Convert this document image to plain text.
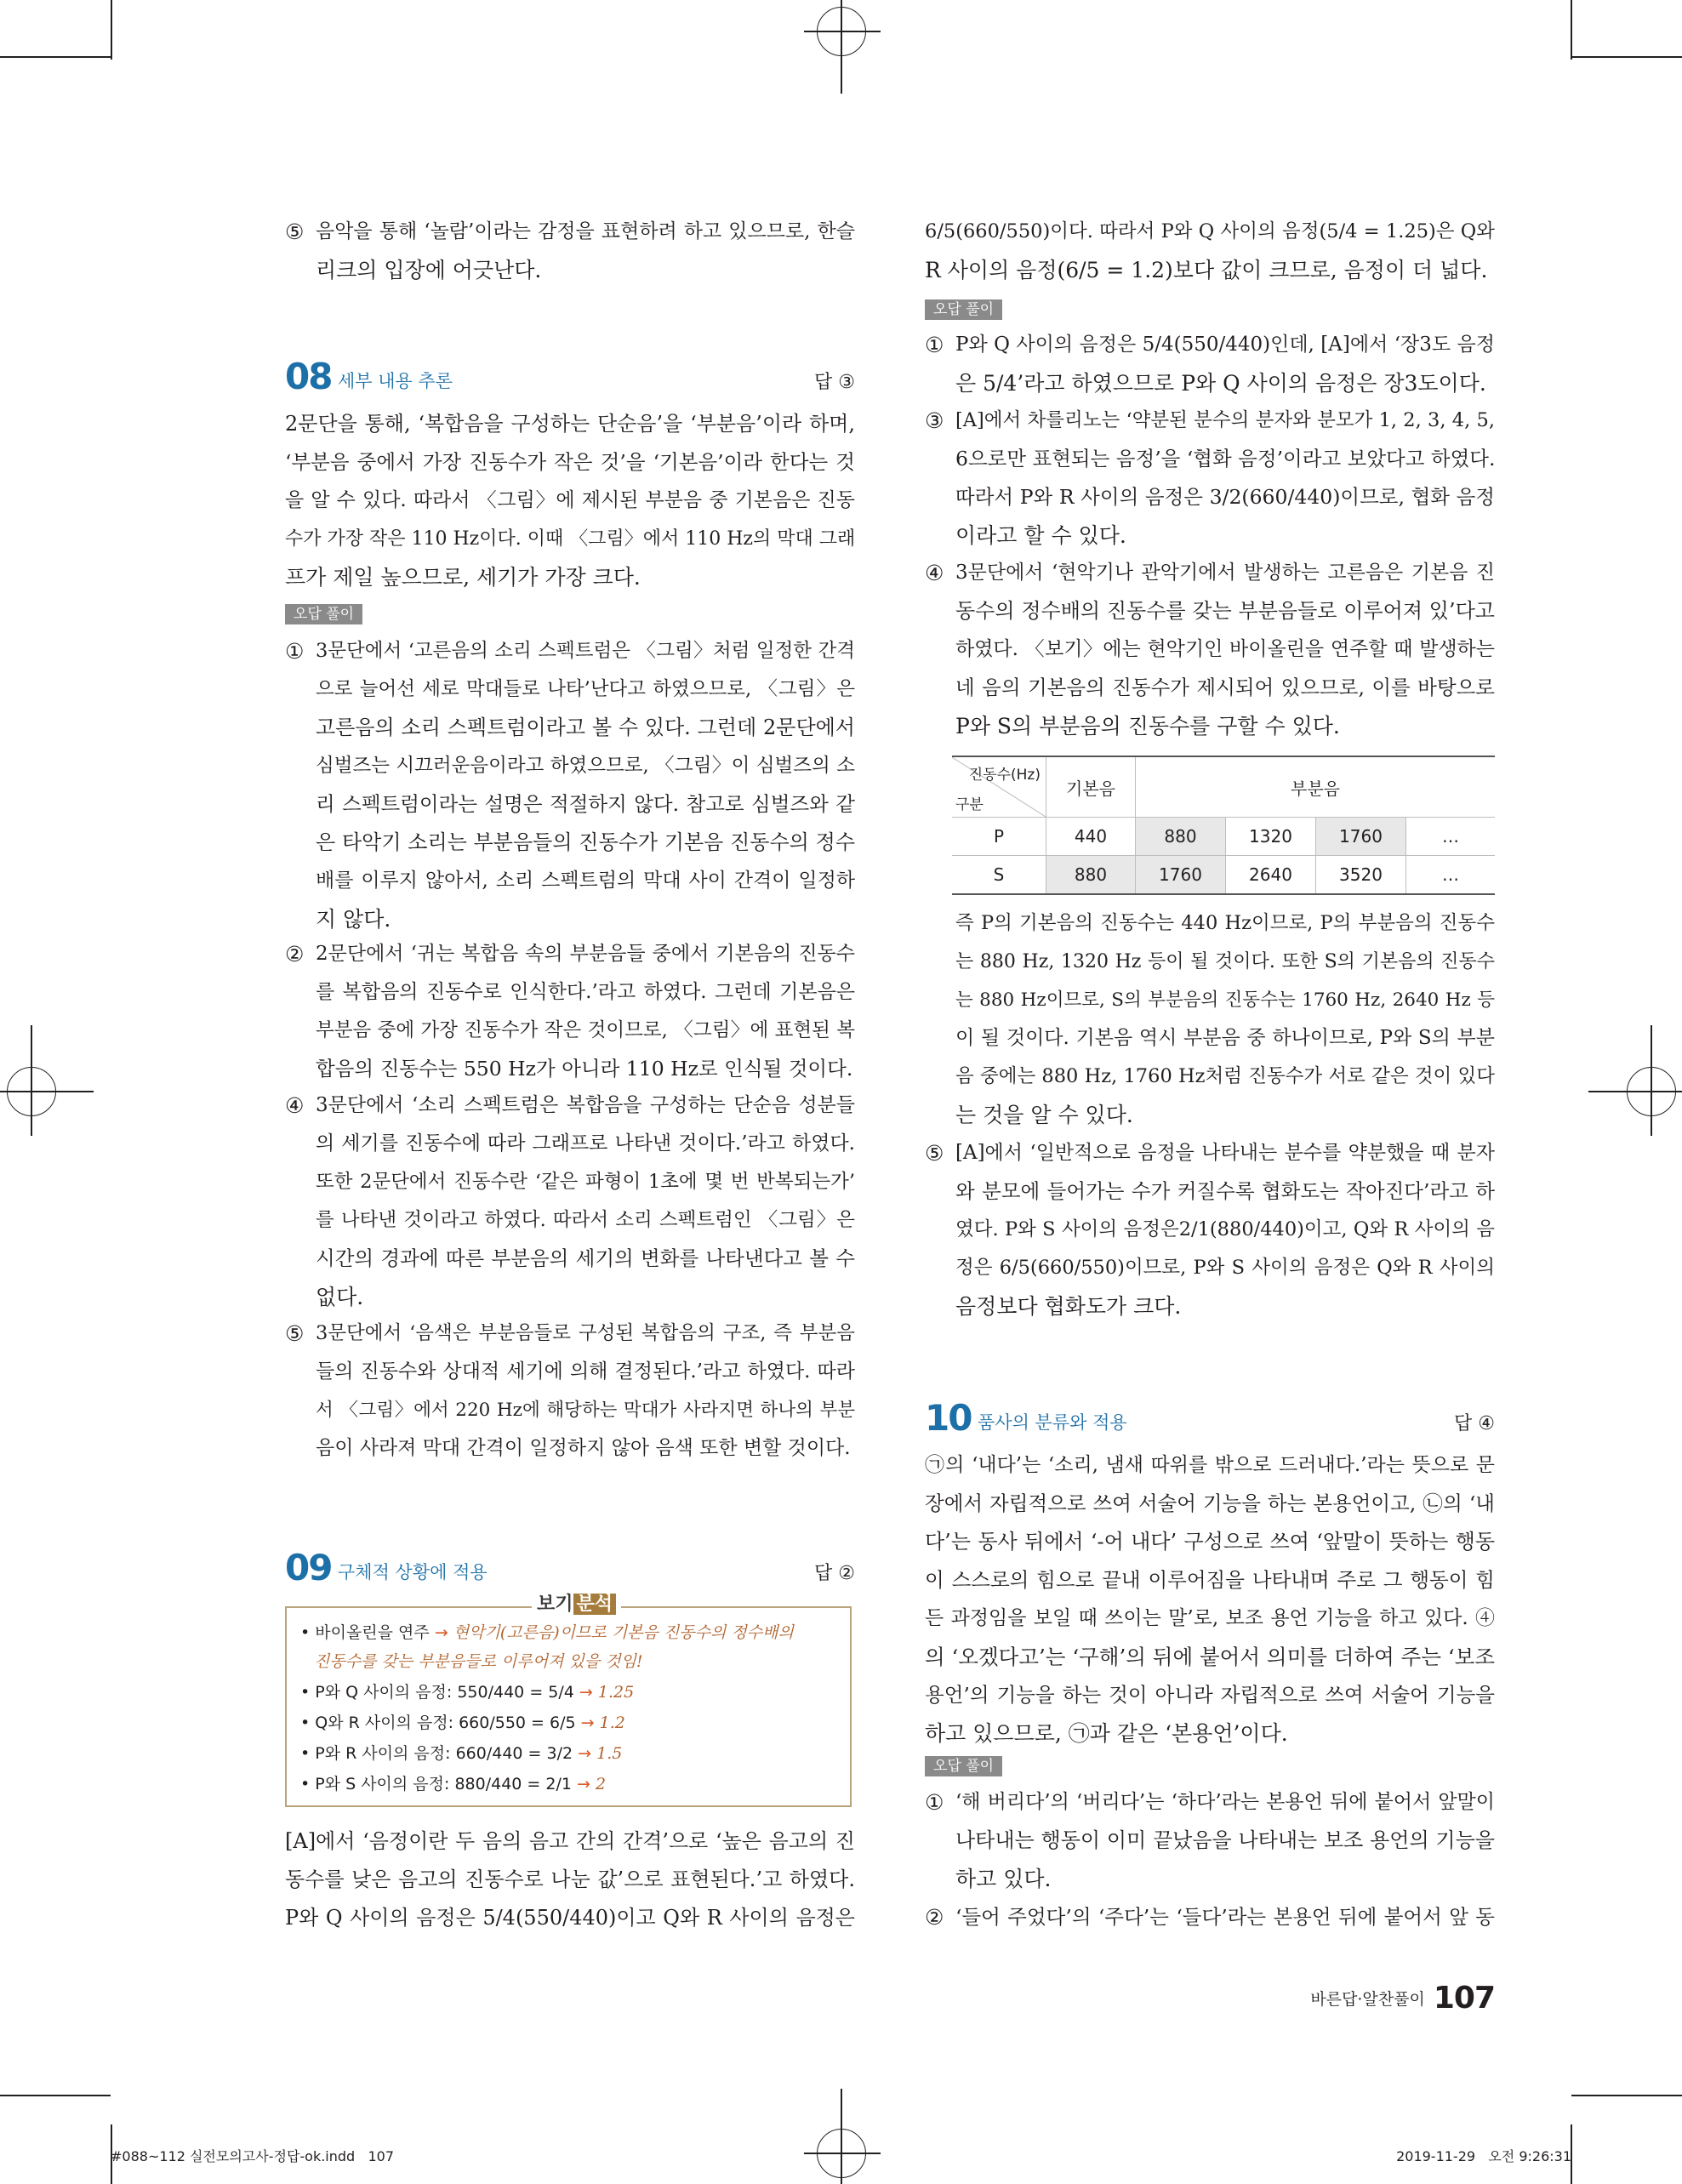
⑤ 음악을 통해 ‘놀람’이라는 감정을 표현하려 하고 있으므로, 한슬
리크의 입장에 어긋난다.
08 세부 내용 추론	답 ③
2문단을 통해, ‘복합음을 구성하는 단순음’을 ‘부분음’이라 하며,
‘부분음 중에서 가장 진동수가 작은 것’을 ‘기본음’이라 한다는 것
을 알 수 있다. 따라서 〈그림〉에 제시된 부분음 중 기본음은 진동
수가 가장 작은 110 Hz이다. 이때 〈그림〉에서 110 Hz의 막대 그래
프가 제일 높으므로, 세기가 가장 크다.
오답 풀이
① 3문단에서 ‘고른음의 소리 스펙트럼은 〈그림〉처럼 일정한 간격
으로 늘어선 세로 막대들로 나타’난다고 하였으므로, 〈그림〉은
고른음의 소리 스펙트럼이라고 볼 수 있다. 그런데 2문단에서
심벌즈는 시끄러운음이라고 하였으므로, 〈그림〉이 심벌즈의 소
리 스펙트럼이라는 설명은 적절하지 않다. 참고로 심벌즈와 같
은 타악기 소리는 부분음들의 진동수가 기본음 진동수의 정수
배를 이루지 않아서, 소리 스펙트럼의 막대 사이 간격이 일정하
지 않다.
② 2문단에서 ‘귀는 복합음 속의 부분음들 중에서 기본음의 진동수
를 복합음의 진동수로 인식한다.’라고 하였다. 그런데 기본음은
부분음 중에 가장 진동수가 작은 것이므로, 〈그림〉에 표현된 복
합음의 진동수는 550 Hz가 아니라 110 Hz로 인식될 것이다.
④ 3문단에서 ‘소리 스펙트럼은 복합음을 구성하는 단순음 성분들
의 세기를 진동수에 따라 그래프로 나타낸 것이다.’라고 하였다.
또한 2문단에서 진동수란 ‘같은 파형이 1초에 몇 번 반복되는가’
를 나타낸 것이라고 하였다. 따라서 소리 스펙트럼인 〈그림〉은
시간의 경과에 따른 부분음의 세기의 변화를 나타낸다고 볼 수
없다.
⑤ 3문단에서 ‘음색은 부분음들로 구성된 복합음의 구조, 즉 부분음
들의 진동수와 상대적 세기에 의해 결정된다.’라고 하였다. 따라
서 〈그림〉에서 220 Hz에 해당하는 막대가 사라지면 하나의 부분
음이 사라져 막대 간격이 일정하지 않아 음색 또한 변할 것이다.
09 구체적 상황에 적용	답 ②
보기 분석
• 바이올린을 연주 → 현악기(고른음)이므로 기본음 진동수의 정수배의
진동수를 갖는 부분음들로 이루어져 있을 것임!
• P와 Q 사이의 음정: 550/440 = 5/4 → 1.25
• Q와 R 사이의 음정: 660/550 = 6/5 → 1.2
• P와 R 사이의 음정: 660/440 = 3/2 → 1.5
• P와 S 사이의 음정: 880/440 = 2/1 → 2
[A]에서 ‘음정이란 두 음의 음고 간의 간격’으로 ‘높은 음고의 진
동수를 낮은 음고의 진동수로 나눈 값’으로 표현된다.’고 하였다.
P와 Q 사이의 음정은 5/4(550/440)이고 Q와 R 사이의 음정은
6/5(660/550)이다. 따라서 P와 Q 사이의 음정(5/4 = 1.25)은 Q와
R 사이의 음정(6/5 = 1.2)보다 값이 크므로, 음정이 더 넓다.
오답 풀이
① P와 Q 사이의 음정은 5/4(550/440)인데, [A]에서 ‘장3도 음정
은 5/4’라고 하였으므로 P와 Q 사이의 음정은 장3도이다.
③ [A]에서 차를리노는 ‘약분된 분수의 분자와 분모가 1, 2, 3, 4, 5,
6으로만 표현되는 음정’을 ‘협화 음정’이라고 보았다고 하였다.
따라서 P와 R 사이의 음정은 3/2(660/440)이므로, 협화 음정
이라고 할 수 있다.
④ 3문단에서 ‘현악기나 관악기에서 발생하는 고른음은 기본음 진
동수의 정수배의 진동수를 갖는 부분음들로 이루어져 있’다고
하였다. 〈보기〉에는 현악기인 바이올린을 연주할 때 발생하는
네 음의 기본음의 진동수가 제시되어 있으므로, 이를 바탕으로
P와 S의 부분음의 진동수를 구할 수 있다.
진동수(Hz)
구분	기본음	부분음			
P	440	880	1320	1760	…
S	880	1760	2640	3520	…
즉 P의 기본음의 진동수는 440 Hz이므로, P의 부분음의 진동수
는 880 Hz, 1320 Hz 등이 될 것이다. 또한 S의 기본음의 진동수
는 880 Hz이므로, S의 부분음의 진동수는 1760 Hz, 2640 Hz 등
이 될 것이다. 기본음 역시 부분음 중 하나이므로, P와 S의 부분
음 중에는 880 Hz, 1760 Hz처럼 진동수가 서로 같은 것이 있다
는 것을 알 수 있다.
⑤ [A]에서 ‘일반적으로 음정을 나타내는 분수를 약분했을 때 분자
와 분모에 들어가는 수가 커질수록 협화도는 작아진다’라고 하
였다. P와 S 사이의 음정은2/1(880/440)이고, Q와 R 사이의 음
정은 6/5(660/550)이므로, P와 S 사이의 음정은 Q와 R 사이의
음정보다 협화도가 크다.
10 품사의 분류와 적용	답 ④
㉠의 ‘내다’는 ‘소리, 냄새 따위를 밖으로 드러내다.’라는 뜻으로 문
장에서 자립적으로 쓰여 서술어 기능을 하는 본용언이고, ㉡의 ‘내
다’는 동사 뒤에서 ‘-어 내다’ 구성으로 쓰여 ‘앞말이 뜻하는 행동
이 스스로의 힘으로 끝내 이루어짐을 나타내며 주로 그 행동이 힘
든 과정임을 보일 때 쓰이는 말’로, 보조 용언 기능을 하고 있다. ④
의 ‘오겠다고’는 ‘구해’의 뒤에 붙어서 의미를 더하여 주는 ‘보조
용언’의 기능을 하는 것이 아니라 자립적으로 쓰여 서술어 기능을
하고 있으므로, ㉠과 같은 ‘본용언’이다.
오답 풀이
① ‘해 버리다’의 ‘버리다’는 ‘하다’라는 본용언 뒤에 붙어서 앞말이
나타내는 행동이 이미 끝났음을 나타내는 보조 용언의 기능을
하고 있다.
② ‘들어 주었다’의 ‘주다’는 ‘들다’라는 본용언 뒤에 붙어서 앞 동
바른답·알찬풀이 107
#088~112 실전모의고사-정답-ok.indd   107	2019-11-29   오전 9:26:31
